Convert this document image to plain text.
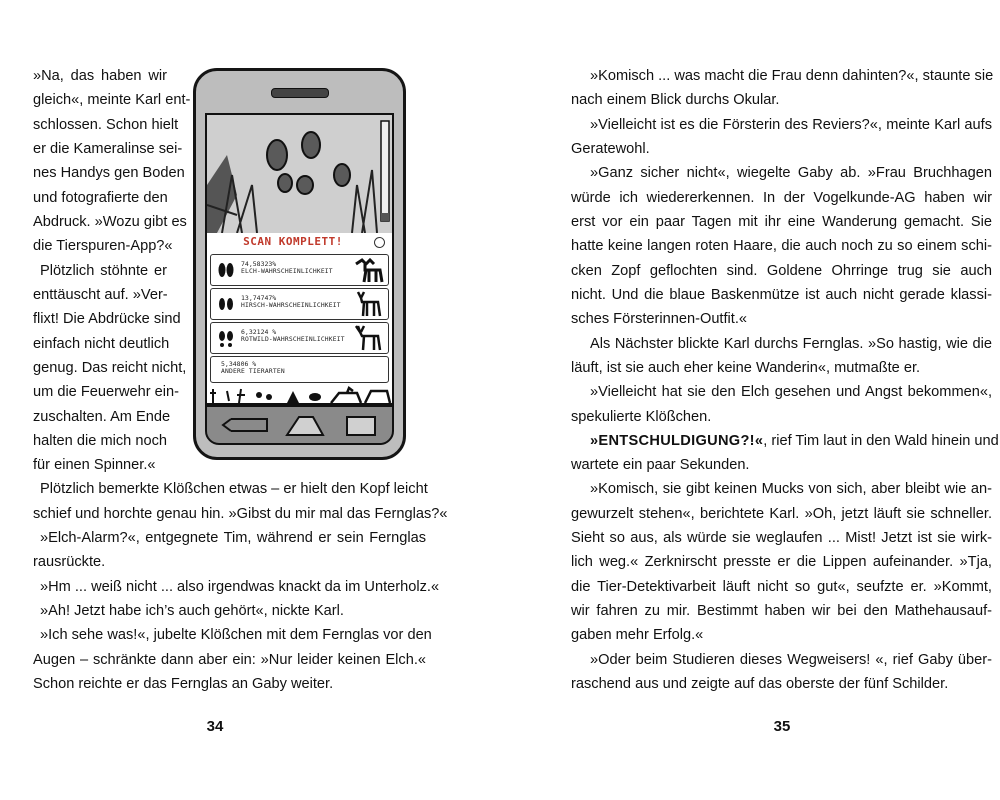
»Na, das haben wir
gleich«, meinte Karl ent-
schlossen. Schon hielt
er die Kameralinse sei-
nes Handys gen Boden
und fotografierte den
Abdruck. »Wozu gibt es
die Tierspuren-App?«
Plötzlich stöhnte er
enttäuscht auf. »Ver-
flixt! Die Abdrücke sind
einfach nicht deutlich
genug. Das reicht nicht,
um die Feuerwehr ein-
zuschalten. Am Ende
halten die mich noch
für einen Spinner.«
Plötzlich bemerkte Klößchen etwas – er hielt den Kopf leicht
schief und horchte genau hin. »Gibst du mir mal das Fernglas?«
»Elch-Alarm?«, entgegnete Tim, während er sein Fernglas
rausrückte.
»Hm ... weiß nicht ... also irgendwas knackt da im Unterholz.«
»Ah! Jetzt habe ich’s auch gehört«, nickte Karl.
»Ich sehe was!«, jubelte Klößchen mit dem Fernglas vor den
Augen – schränkte dann aber ein: »Nur leider keinen Elch.«
Schon reichte er das Fernglas an Gaby weiter.
SCAN KOMPLETT!
74,58323%
ELCH-WAHRSCHEINLICHKEIT
13,74747%
HIRSCH-WAHRSCHEINLICHKEIT
6,32124 %
ROTWILD-WAHRSCHEINLICHKEIT
5,34806 %
ANDERE TIERARTEN
34
»Komisch ... was macht die Frau denn dahinten?«, staunte sie
nach einem Blick durchs Okular.
»Vielleicht ist es die Försterin des Reviers?«, meinte Karl aufs
Geratewohl.
»Ganz sicher nicht«, wiegelte Gaby ab. »Frau Bruchhagen
würde ich wiedererkennen. In der Vogelkunde-AG haben wir
erst vor ein paar Tagen mit ihr eine Wanderung gemacht. Sie
hatte keine langen roten Haare, die auch noch zu so einem schi-
cken Zopf geflochten sind. Goldene Ohrringe trug sie auch
nicht. Und die blaue Baskenmütze ist auch nicht gerade klassi-
sches Försterinnen-Outfit.«
Als Nächster blickte Karl durchs Fernglas. »So hastig, wie die
läuft, ist sie auch eher keine Wanderin«, mutmaßte er.
»Vielleicht hat sie den Elch gesehen und Angst bekommen«,
spekulierte Klößchen.
»ENTSCHULDIGUNG?!«, rief Tim laut in den Wald hinein und
wartete ein paar Sekunden.
»Komisch, sie gibt keinen Mucks von sich, aber bleibt wie an-
gewurzelt stehen«, berichtete Karl. »Oh, jetzt läuft sie schneller.
Sieht so aus, als würde sie weglaufen ... Mist! Jetzt ist sie wirk-
lich weg.« Zerknirscht presste er die Lippen aufeinander. »Tja,
die Tier-Detektivarbeit läuft nicht so gut«, seufzte er. »Kommt,
wir fahren zu mir. Bestimmt haben wir bei den Mathehausauf-
gaben mehr Erfolg.«
»Oder beim Studieren dieses Wegweisers! «, rief Gaby über-
raschend aus und zeigte auf das oberste der fünf Schilder.
35
